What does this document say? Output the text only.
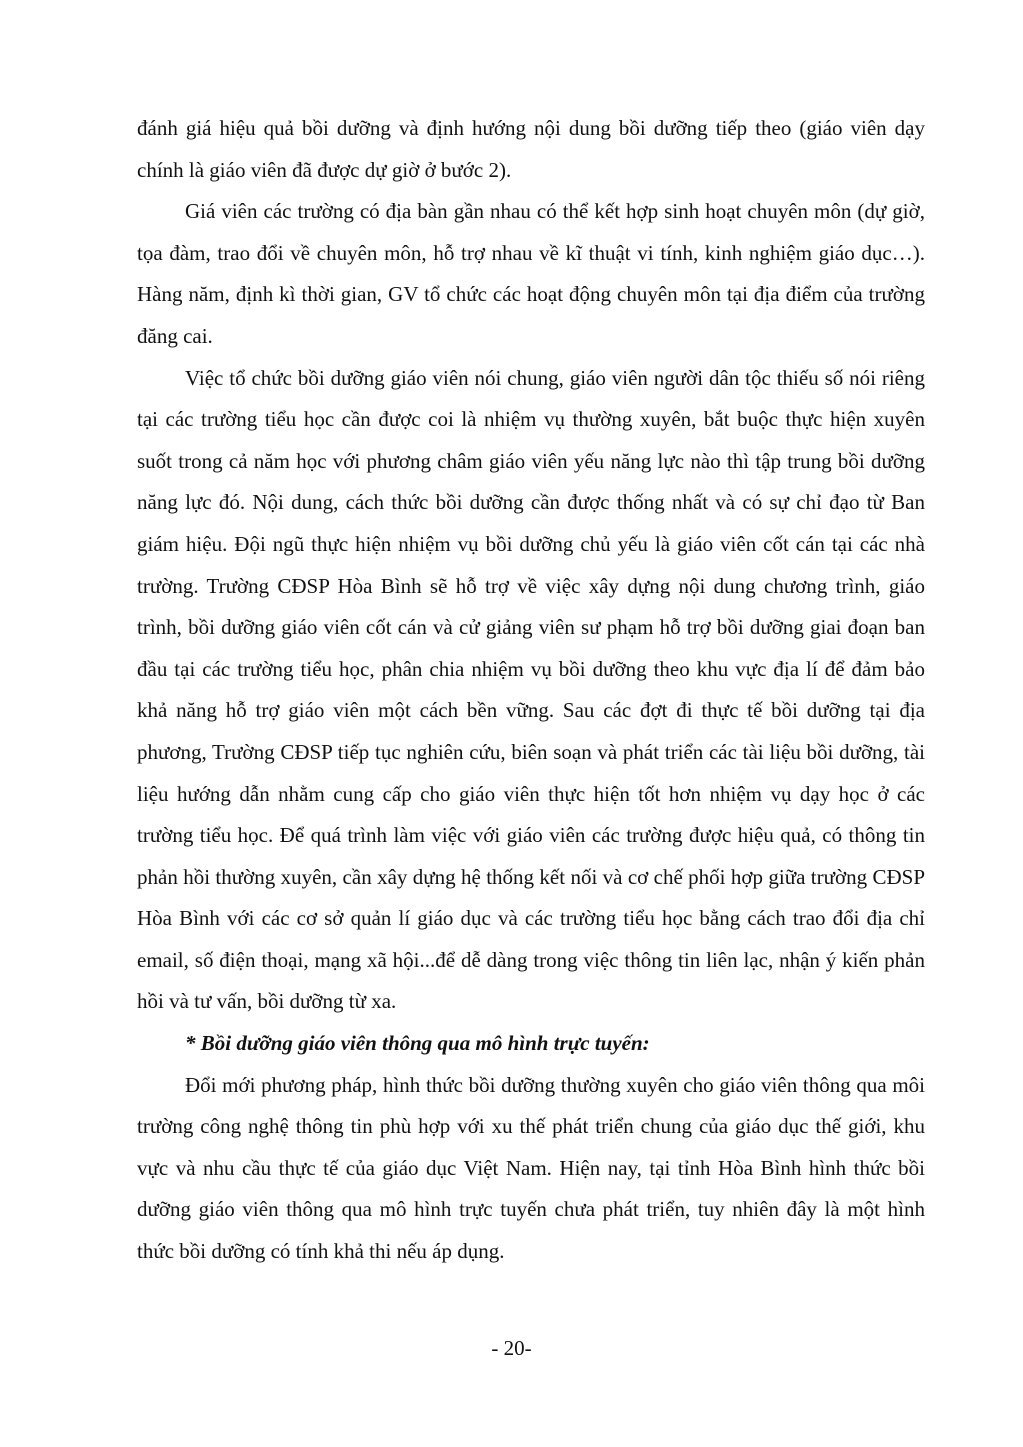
đánh giá hiệu quả bồi dưỡng và định hướng nội dung bồi dưỡng tiếp theo (giáo viên dạy chính là giáo viên đã được dự giờ ở bước 2).

Giá viên các trường có địa bàn gần nhau có thể kết hợp sinh hoạt chuyên môn (dự giờ, tọa đàm, trao đổi về chuyên môn, hỗ trợ nhau về kĩ thuật vi tính, kinh nghiệm giáo dục…). Hàng năm, định kì thời gian, GV tổ chức các hoạt động chuyên môn tại địa điểm của trường đăng cai.

Việc tổ chức bồi dưỡng giáo viên nói chung, giáo viên người dân tộc thiếu số nói riêng tại các trường tiểu học cần được coi là nhiệm vụ thường xuyên, bắt buộc thực hiện xuyên suốt trong cả năm học với phương châm giáo viên yếu năng lực nào thì tập trung bồi dưỡng năng lực đó. Nội dung, cách thức bồi dưỡng cần được thống nhất và có sự chỉ đạo từ Ban giám hiệu. Đội ngũ thực hiện nhiệm vụ bồi dưỡng chủ yếu là giáo viên cốt cán tại các nhà trường. Trường CĐSP Hòa Bình sẽ hỗ trợ về việc xây dựng nội dung chương trình, giáo trình, bồi dưỡng giáo viên cốt cán và cử giảng viên sư phạm hỗ trợ bồi dưỡng giai đoạn ban đầu tại các trường tiểu học, phân chia nhiệm vụ bồi dưỡng theo khu vực địa lí để đảm bảo khả năng hỗ trợ giáo viên một cách bền vững. Sau các đợt đi thực tế bồi dưỡng tại địa phương, Trường CĐSP tiếp tục nghiên cứu, biên soạn và phát triển các tài liệu bồi dưỡng, tài liệu hướng dẫn nhằm cung cấp cho giáo viên thực hiện tốt hơn nhiệm vụ dạy học ở các trường tiểu học. Để quá trình làm việc với giáo viên các trường được hiệu quả, có thông tin phản hồi thường xuyên, cần xây dựng hệ thống kết nối và cơ chế phối hợp giữa trường CĐSP Hòa Bình với các cơ sở quản lí giáo dục và các trường tiểu học bằng cách trao đổi địa chỉ email, số điện thoại, mạng xã hội...để dễ dàng trong việc thông tin liên lạc, nhận ý kiến phản hồi và tư vấn, bồi dưỡng từ xa.

* Bồi dưỡng giáo viên thông qua mô hình trực tuyến:

Đổi mới phương pháp, hình thức bồi dưỡng thường xuyên cho giáo viên thông qua môi trường công nghệ thông tin phù hợp với xu thế phát triển chung của giáo dục thế giới, khu vực và nhu cầu thực tế của giáo dục Việt Nam. Hiện nay, tại tỉnh Hòa Bình hình thức bồi dưỡng giáo viên thông qua mô hình trực tuyến chưa phát triển, tuy nhiên đây là một hình thức bồi dưỡng có tính khả thi nếu áp dụng.

- 20-
